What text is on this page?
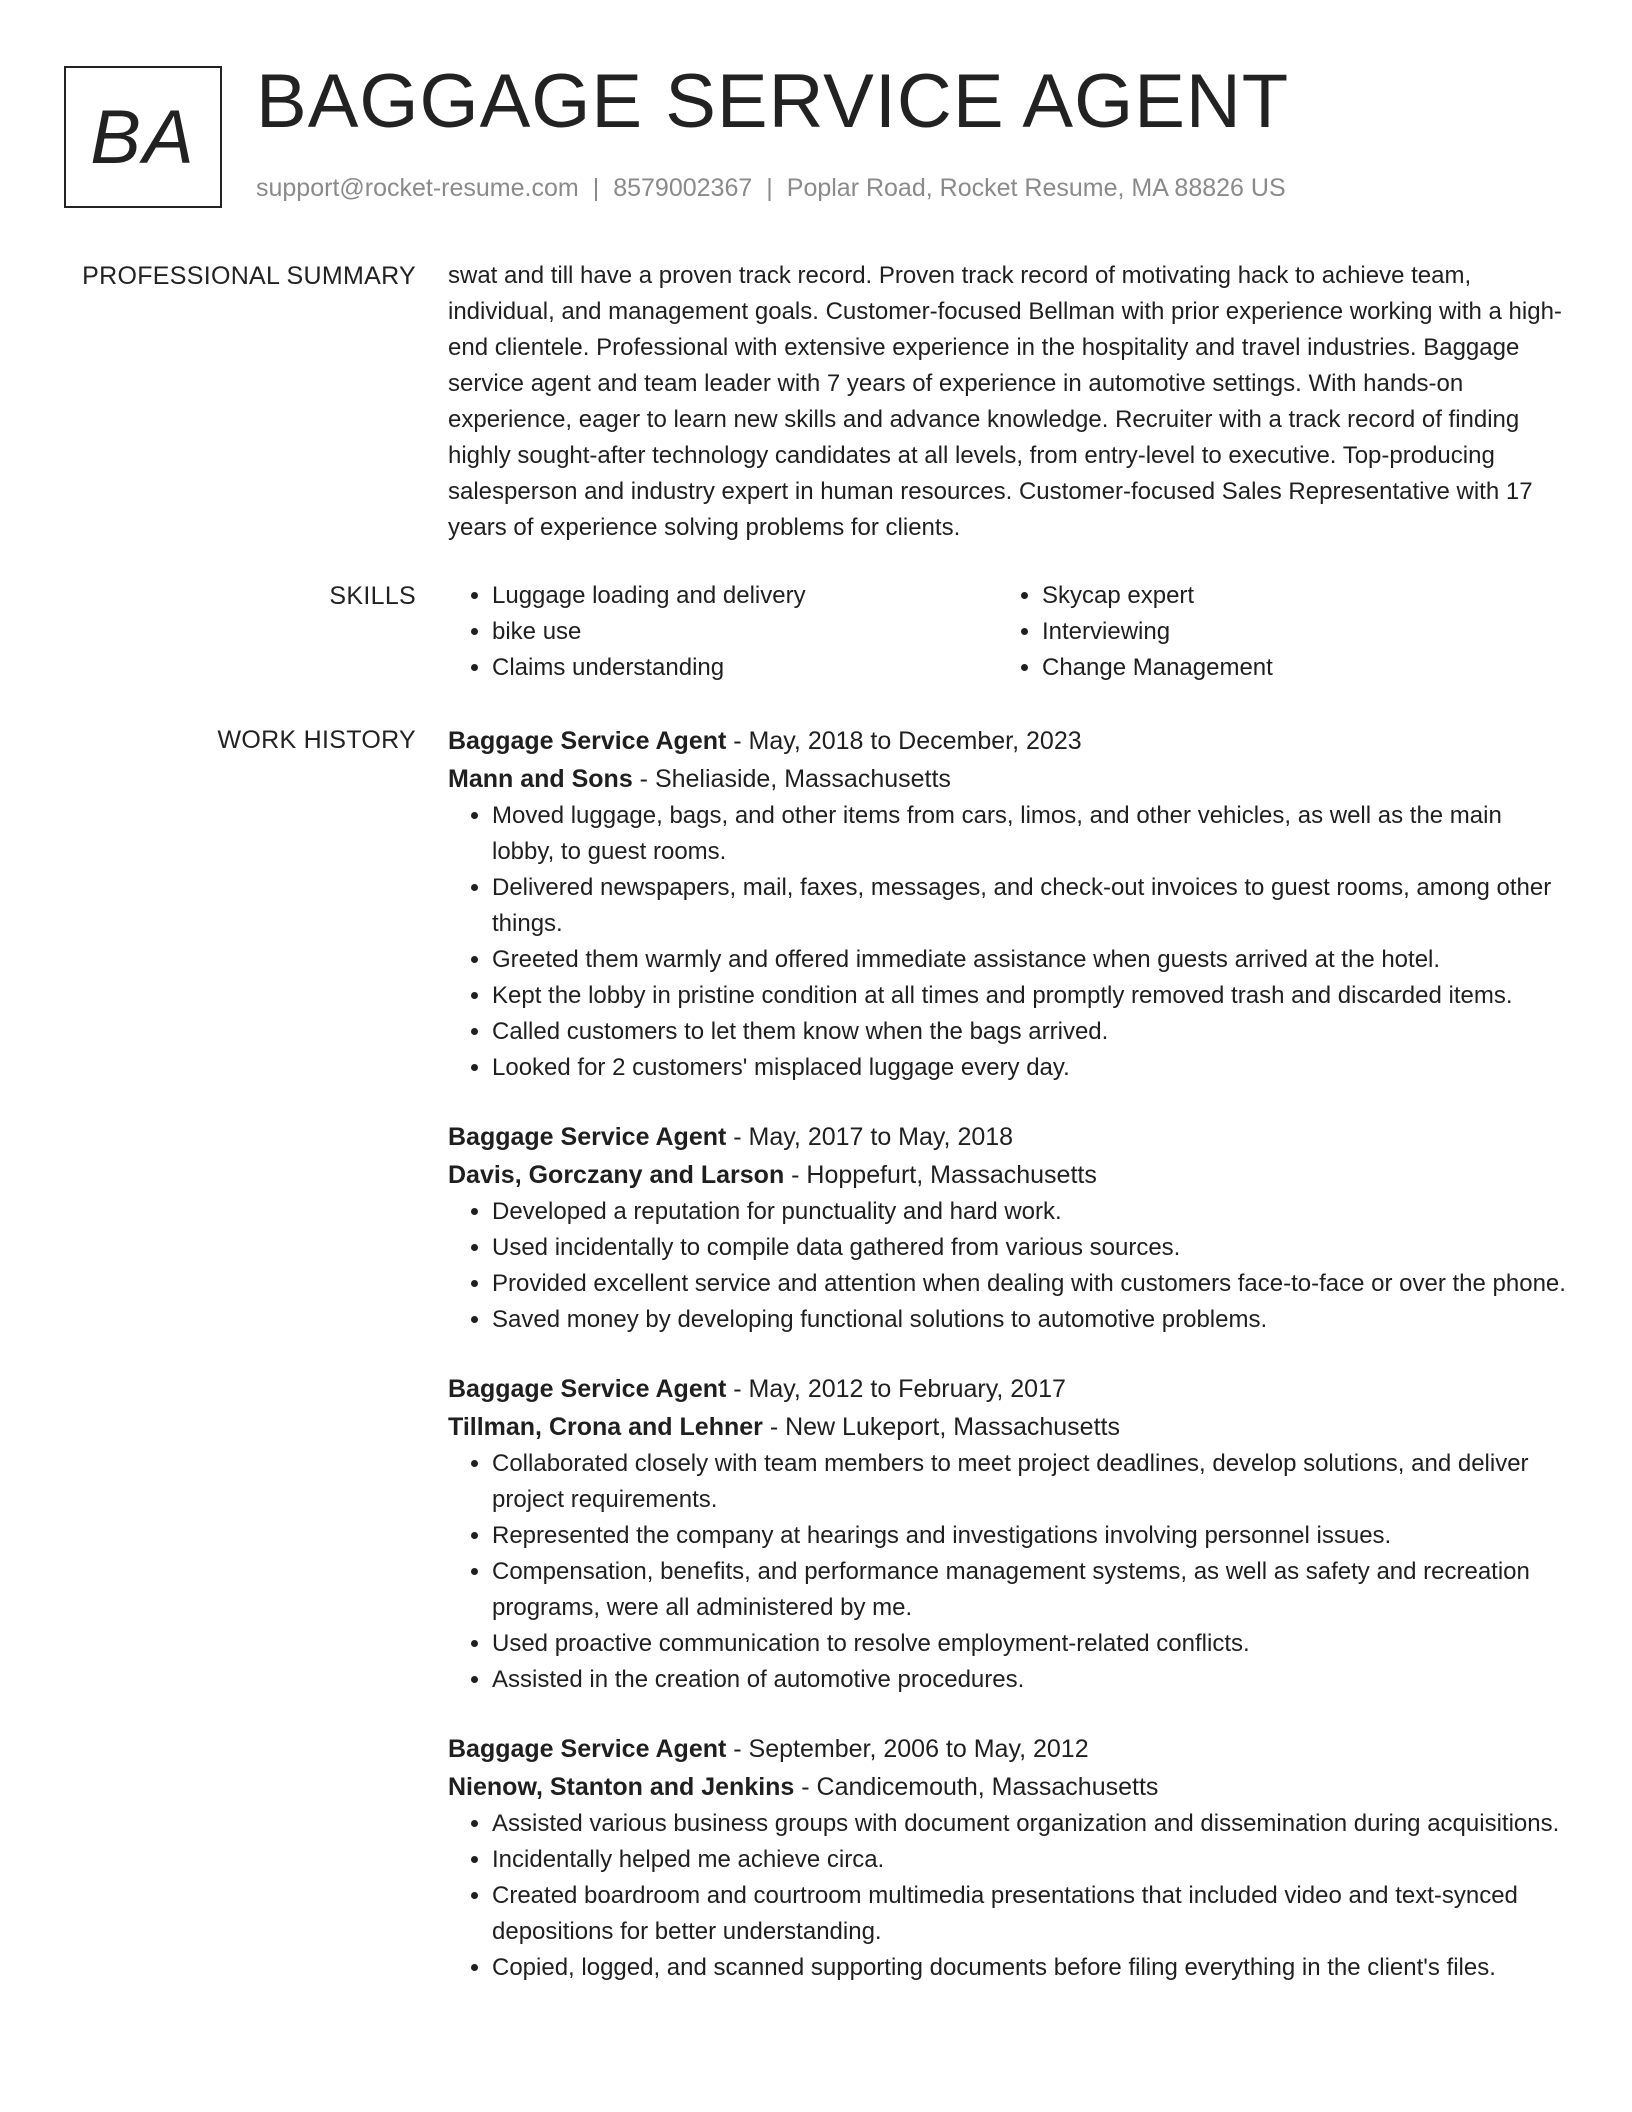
BA BAGGAGE SERVICE AGENT
support@rocket-resume.com | 8579002367 | Poplar Road, Rocket Resume, MA 88826 US
PROFESSIONAL SUMMARY swat and till have a proven track record. Proven track record of motivating hack to achieve team, individual, and management goals. Customer-focused Bellman with prior experience working with a high-end clientele. Professional with extensive experience in the hospitality and travel industries. Baggage service agent and team leader with 7 years of experience in automotive settings. With hands-on experience, eager to learn new skills and advance knowledge. Recruiter with a track record of finding highly sought-after technology candidates at all levels, from entry-level to executive. Top-producing salesperson and industry expert in human resources. Customer-focused Sales Representative with 17 years of experience solving problems for clients.

SKILLS
•	Luggage loading and delivery
• bike use
• Claims understanding
• Skycap expert
• Interviewing
• Change Management
WORK HISTORY Baggage Service Agent - May, 2018 to December, 2023
Mann and Sons - Sheliaside, Massachusetts
• Moved luggage, bags, and other items from cars, limos, and other vehicles, as well as the main lobby, to guest rooms.
• Delivered newspapers, mail, faxes, messages, and check-out invoices to guest rooms, among other things.
• Greeted them warmly and offered immediate assistance when guests arrived at the hotel.
• Kept the lobby in pristine condition at all times and promptly removed trash and discarded items.
• Called customers to let them know when the bags arrived.
• Looked for 2 customers' misplaced luggage every day.
Baggage Service Agent - May, 2017 to May, 2018
Davis, Gorczany and Larson - Hoppefurt, Massachusetts
• Developed a reputation for punctuality and hard work.
• Used incidentally to compile data gathered from various sources.
• Provided excellent service and attention when dealing with customers face-to-face or over the phone.
• Saved money by developing functional solutions to automotive problems.
Baggage Service Agent - May, 2012 to February, 2017
Tillman, Crona and Lehner - New Lukeport, Massachusetts
• Collaborated closely with team members to meet project deadlines, develop solutions, and deliver project requirements.
• Represented the company at hearings and investigations involving personnel issues.
• Compensation, benefits, and performance management systems, as well as safety and recreation programs, were all administered by me.
• Used proactive communication to resolve employment-related conflicts.
• Assisted in the creation of automotive procedures.
Baggage Service Agent - September, 2006 to May, 2012
Nienow, Stanton and Jenkins - Candicemouth, Massachusetts
• Assisted various business groups with document organization and dissemination during acquisitions.
• Incidentally helped me achieve circa.
• Created boardroom and courtroom multimedia presentations that included video and text-synced depositions for better understanding.
• Copied, logged, and scanned supporting documents before filing everything in the client's files.
